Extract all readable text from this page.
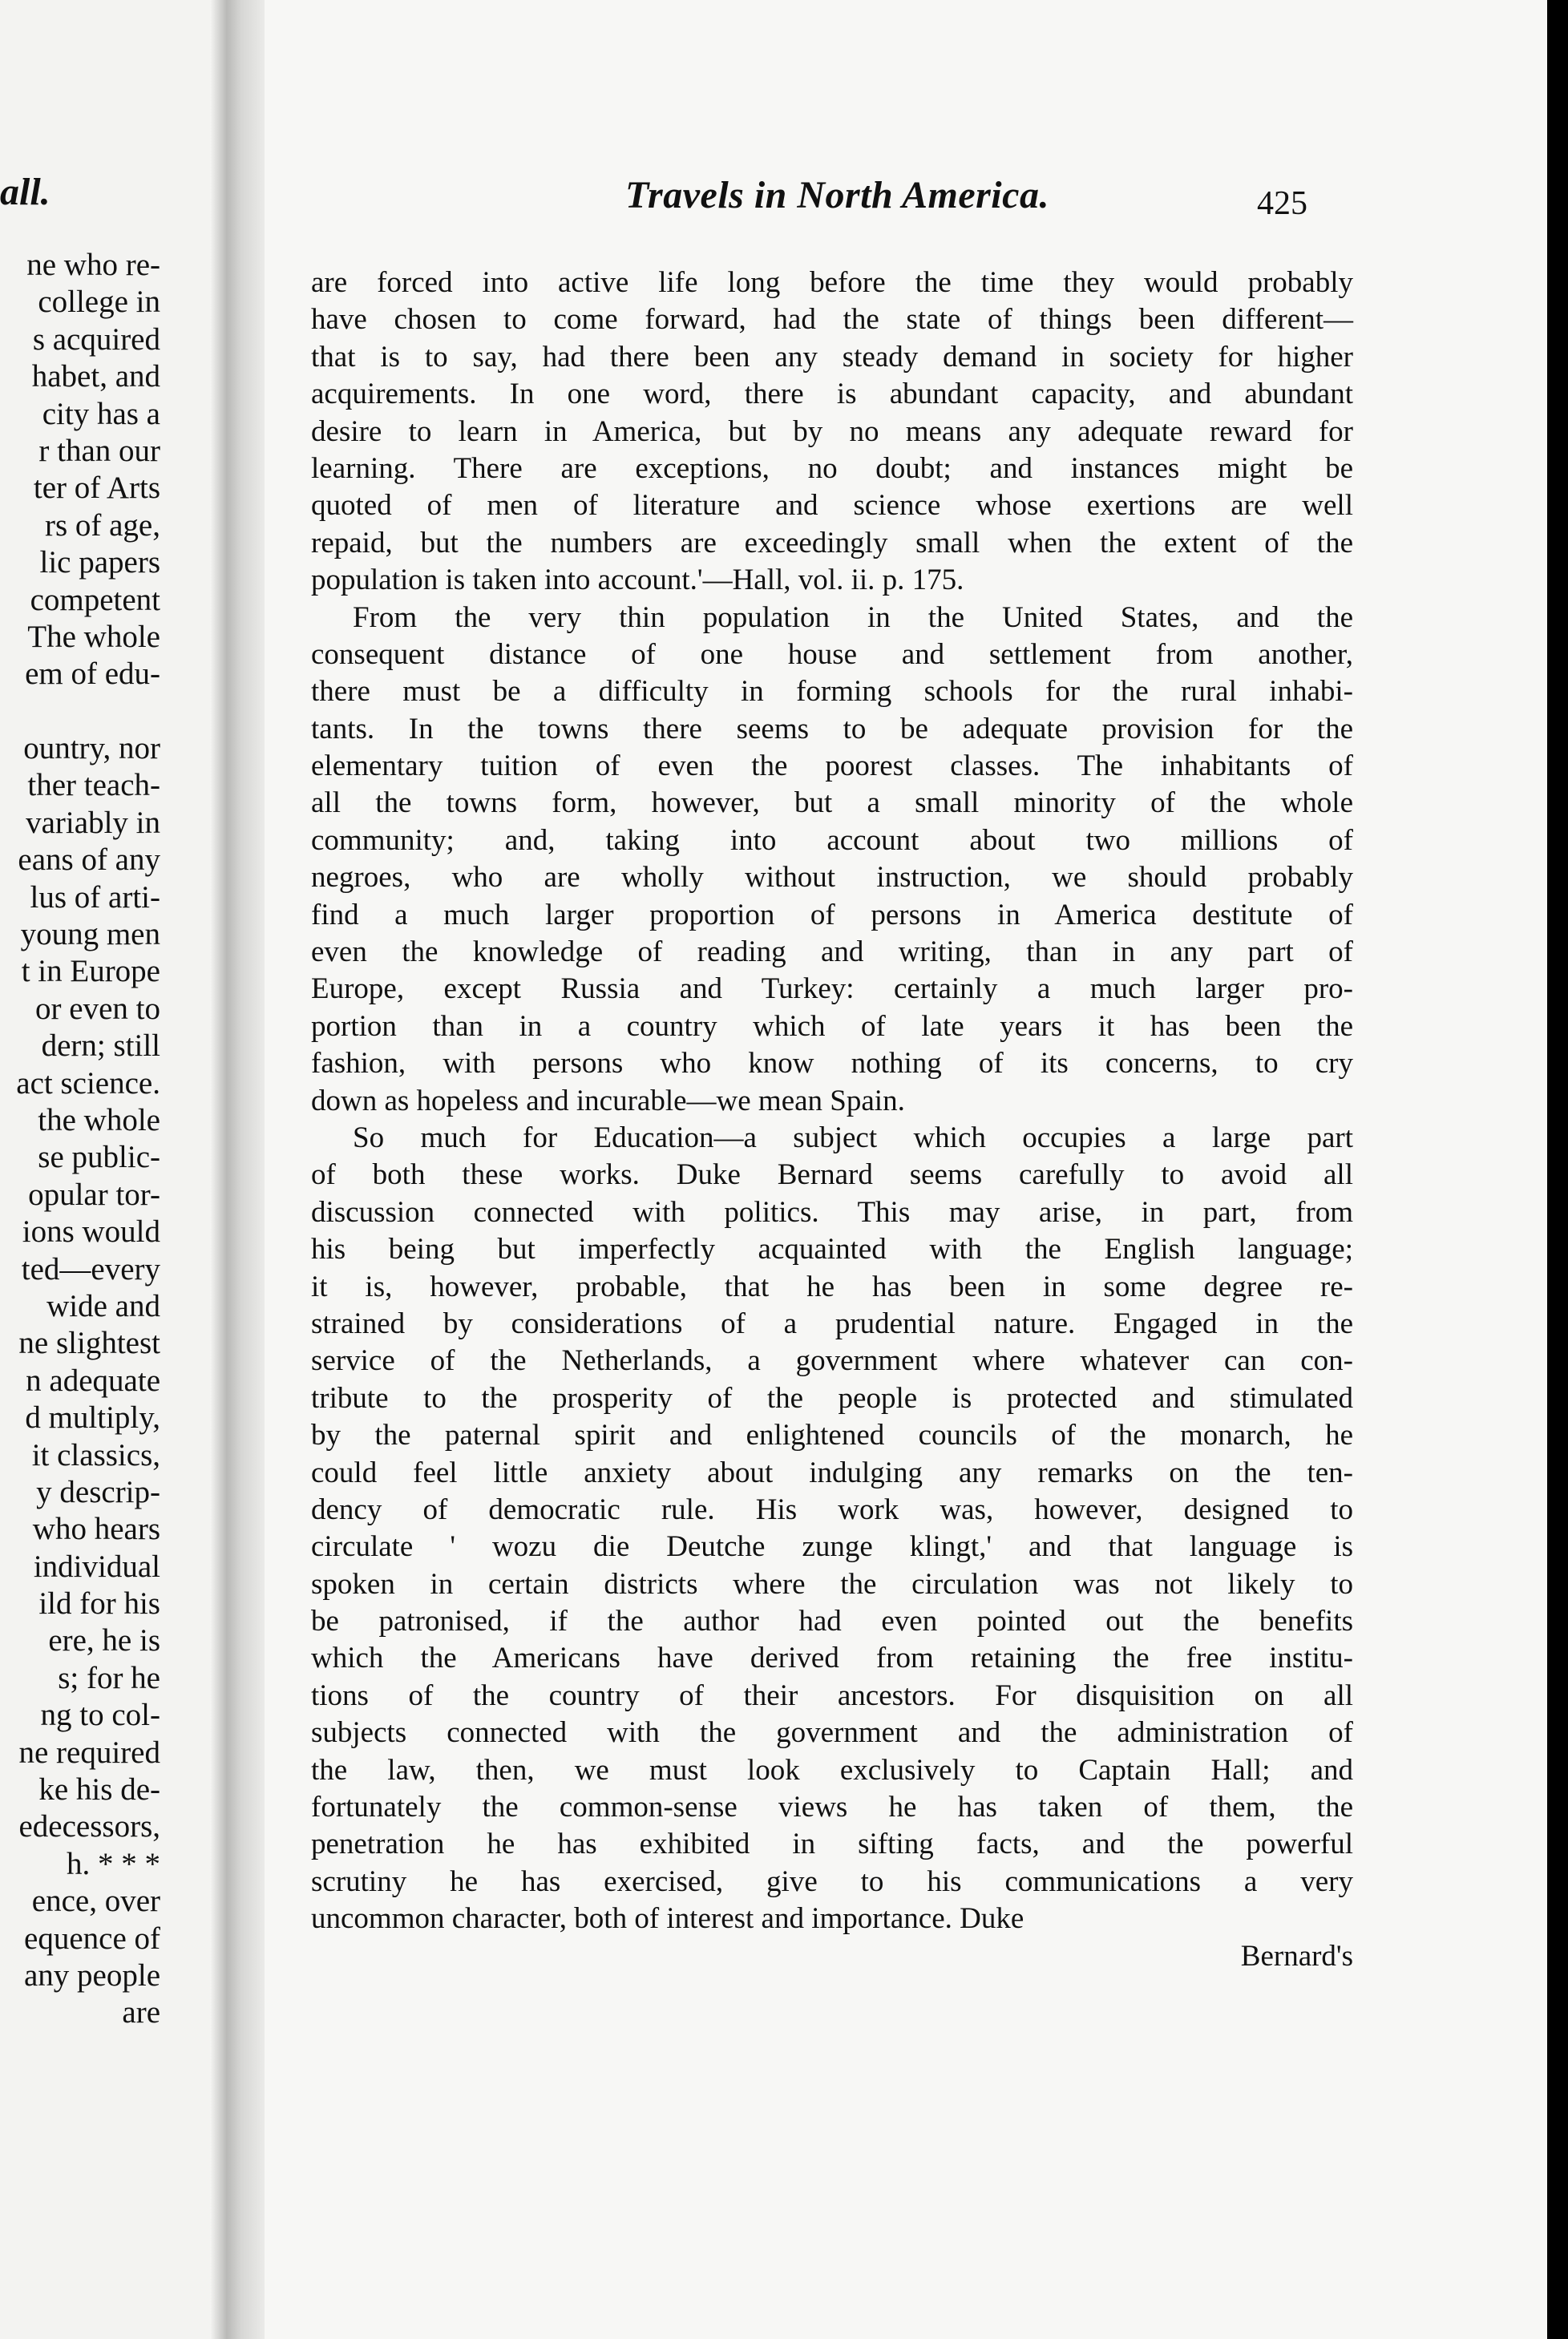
all.
ne who re-
college in
s acquired
habet, and
city has a
r than our
ter of Arts
rs of age,
lic papers
competent
The whole
em of edu-
ountry, nor
ther teach-
variably in
eans of any
lus of arti-
young men
t in Europe
or even to
dern; still
act science.
the whole
se public-
opular tor-
ions would
ted—every
wide and
ne slightest
n adequate
d multiply,
it classics,
y descrip-
who hears
individual
ild for his
ere, he is
s; for he
ng to col-
ne required
ke his de-
edecessors,
h. * * *
ence, over
equence of
any people
are
Travels in North America.	425
are forced into active life long before the time they would probably
have chosen to come forward, had the state of things been different—
that is to say, had there been any steady demand in society for higher
acquirements. In one word, there is abundant capacity, and abundant
desire to learn in America, but by no means any adequate reward for
learning. There are exceptions, no doubt; and instances might be
quoted of men of literature and science whose exertions are well
repaid, but the numbers are exceedingly small when the extent of the
population is taken into account.'—Hall, vol. ii. p. 175.
From the very thin population in the United States, and the
consequent distance of one house and settlement from another,
there must be a difficulty in forming schools for the rural inhabi-
tants. In the towns there seems to be adequate provision for the
elementary tuition of even the poorest classes. The inhabitants of
all the towns form, however, but a small minority of the whole
community; and, taking into account about two millions of
negroes, who are wholly without instruction, we should probably
find a much larger proportion of persons in America destitute of
even the knowledge of reading and writing, than in any part of
Europe, except Russia and Turkey: certainly a much larger pro-
portion than in a country which of late years it has been the
fashion, with persons who know nothing of its concerns, to cry
down as hopeless and incurable—we mean Spain.
So much for Education—a subject which occupies a large part
of both these works. Duke Bernard seems carefully to avoid all
discussion connected with politics. This may arise, in part, from
his being but imperfectly acquainted with the English language;
it is, however, probable, that he has been in some degree re-
strained by considerations of a prudential nature. Engaged in the
service of the Netherlands, a government where whatever can con-
tribute to the prosperity of the people is protected and stimulated
by the paternal spirit and enlightened councils of the monarch, he
could feel little anxiety about indulging any remarks on the ten-
dency of democratic rule. His work was, however, designed to
circulate ' wozu die Deutche zunge klingt,' and that language is
spoken in certain districts where the circulation was not likely to
be patronised, if the author had even pointed out the benefits
which the Americans have derived from retaining the free institu-
tions of the country of their ancestors. For disquisition on all
subjects connected with the government and the administration of
the law, then, we must look exclusively to Captain Hall; and
fortunately the common-sense views he has taken of them, the
penetration he has exhibited in sifting facts, and the powerful
scrutiny he has exercised, give to his communications a very
uncommon character, both of interest and importance. Duke
Bernard's
